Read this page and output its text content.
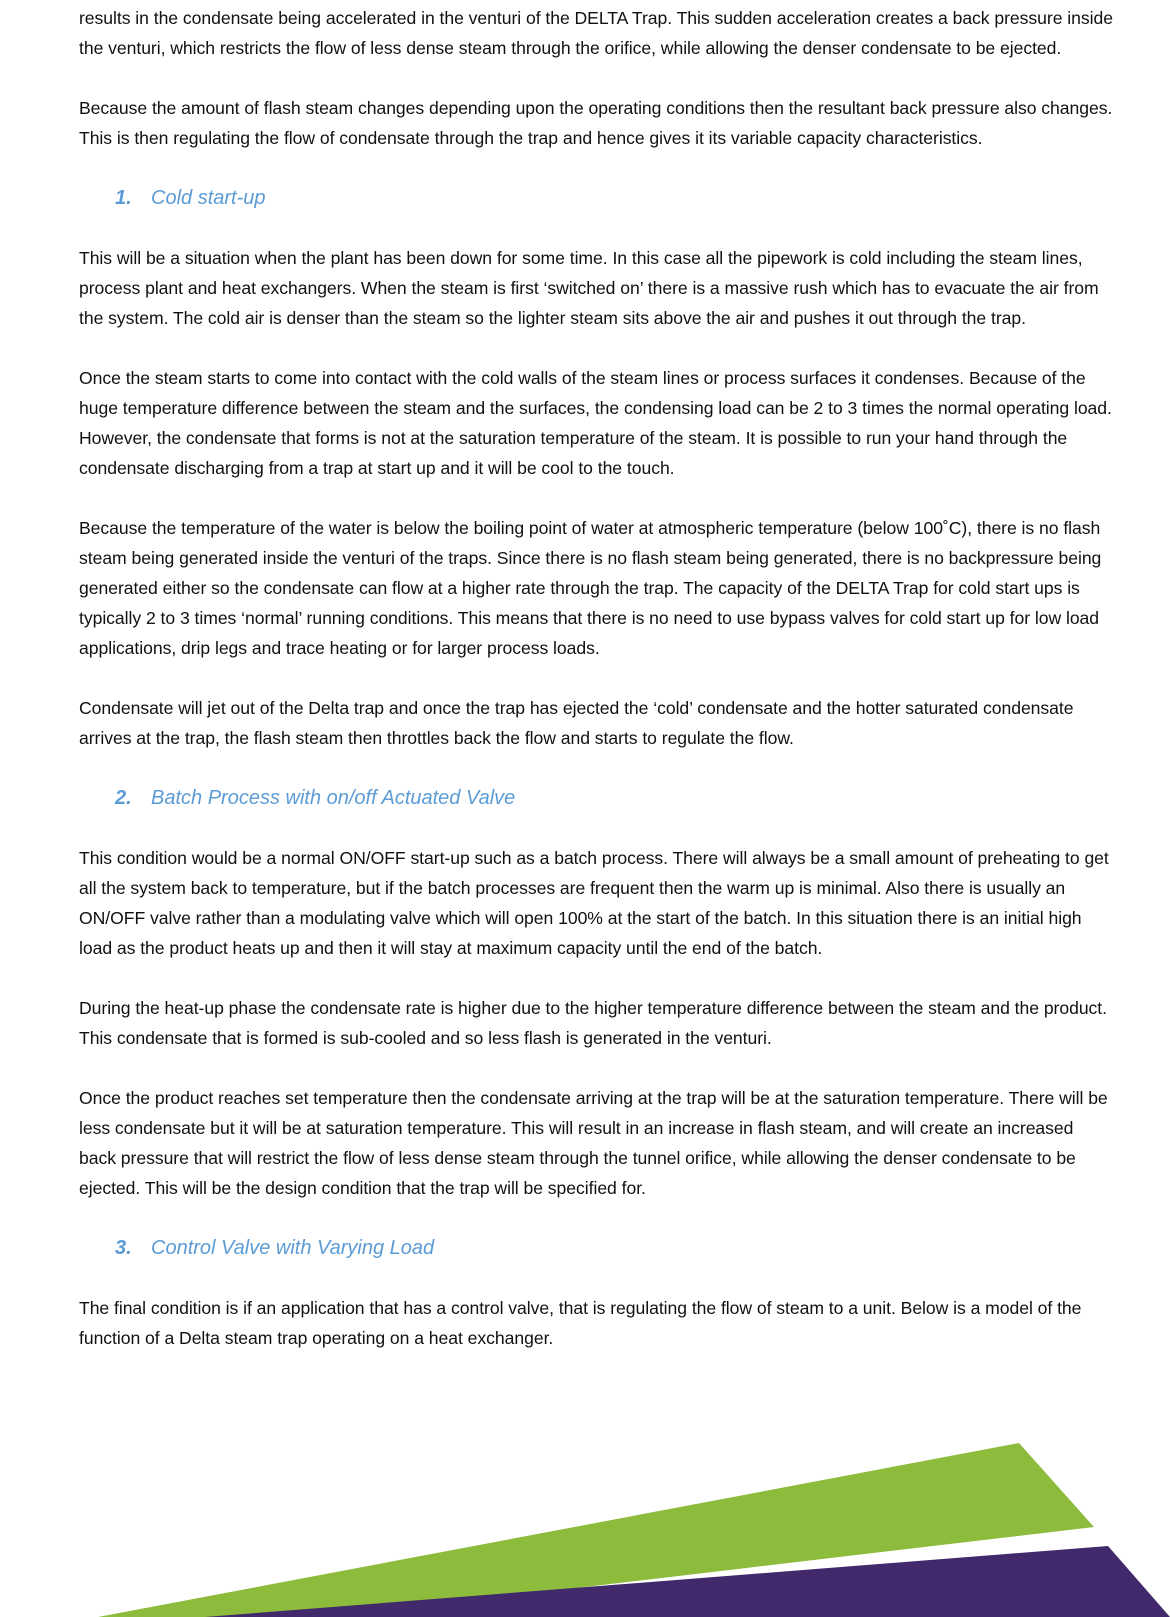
results in the condensate being accelerated in the venturi of the DELTA Trap. This sudden acceleration creates a back pressure inside the venturi, which restricts the flow of less dense steam through the orifice, while allowing the denser condensate to be ejected.

Because the amount of flash steam changes depending upon the operating conditions then the resultant back pressure also changes. This is then regulating the flow of condensate through the trap and hence gives it its variable capacity characteristics.

1. Cold start-up

This will be a situation when the plant has been down for some time. In this case all the pipework is cold including the steam lines, process plant and heat exchangers. When the steam is first ‘switched on’ there is a massive rush which has to evacuate the air from the system. The cold air is denser than the steam so the lighter steam sits above the air and pushes it out through the trap.

Once the steam starts to come into contact with the cold walls of the steam lines or process surfaces it condenses. Because of the huge temperature difference between the steam and the surfaces, the condensing load can be 2 to 3 times the normal operating load. However, the condensate that forms is not at the saturation temperature of the steam. It is possible to run your hand through the condensate discharging from a trap at start up and it will be cool to the touch.

Because the temperature of the water is below the boiling point of water at atmospheric temperature (below 100˚C), there is no flash steam being generated inside the venturi of the traps. Since there is no flash steam being generated, there is no backpressure being generated either so the condensate can flow at a higher rate through the trap. The capacity of the DELTA Trap for cold start ups is typically 2 to 3 times ‘normal’ running conditions. This means that there is no need to use bypass valves for cold start up for low load applications, drip legs and trace heating or for larger process loads.

Condensate will jet out of the Delta trap and once the trap has ejected the ‘cold’ condensate and the hotter saturated condensate arrives at the trap, the flash steam then throttles back the flow and starts to regulate the flow.

2. Batch Process with on/off Actuated Valve

This condition would be a normal ON/OFF start-up such as a batch process. There will always be a small amount of preheating to get all the system back to temperature, but if the batch processes are frequent then the warm up is minimal. Also there is usually an ON/OFF valve rather than a modulating valve which will open 100% at the start of the batch. In this situation there is an initial high load as the product heats up and then it will stay at maximum capacity until the end of the batch.

During the heat-up phase the condensate rate is higher due to the higher temperature difference between the steam and the product. This condensate that is formed is sub-cooled and so less flash is generated in the venturi.

Once the product reaches set temperature then the condensate arriving at the trap will be at the saturation temperature. There will be less condensate but it will be at saturation temperature. This will result in an increase in flash steam, and will create an increased back pressure that will restrict the flow of less dense steam through the tunnel orifice, while allowing the denser condensate to be ejected. This will be the design condition that the trap will be specified for.

3. Control Valve with Varying Load

The final condition is if an application that has a control valve, that is regulating the flow of steam to a unit. Below is a model of the function of a Delta steam trap operating on a heat exchanger.
